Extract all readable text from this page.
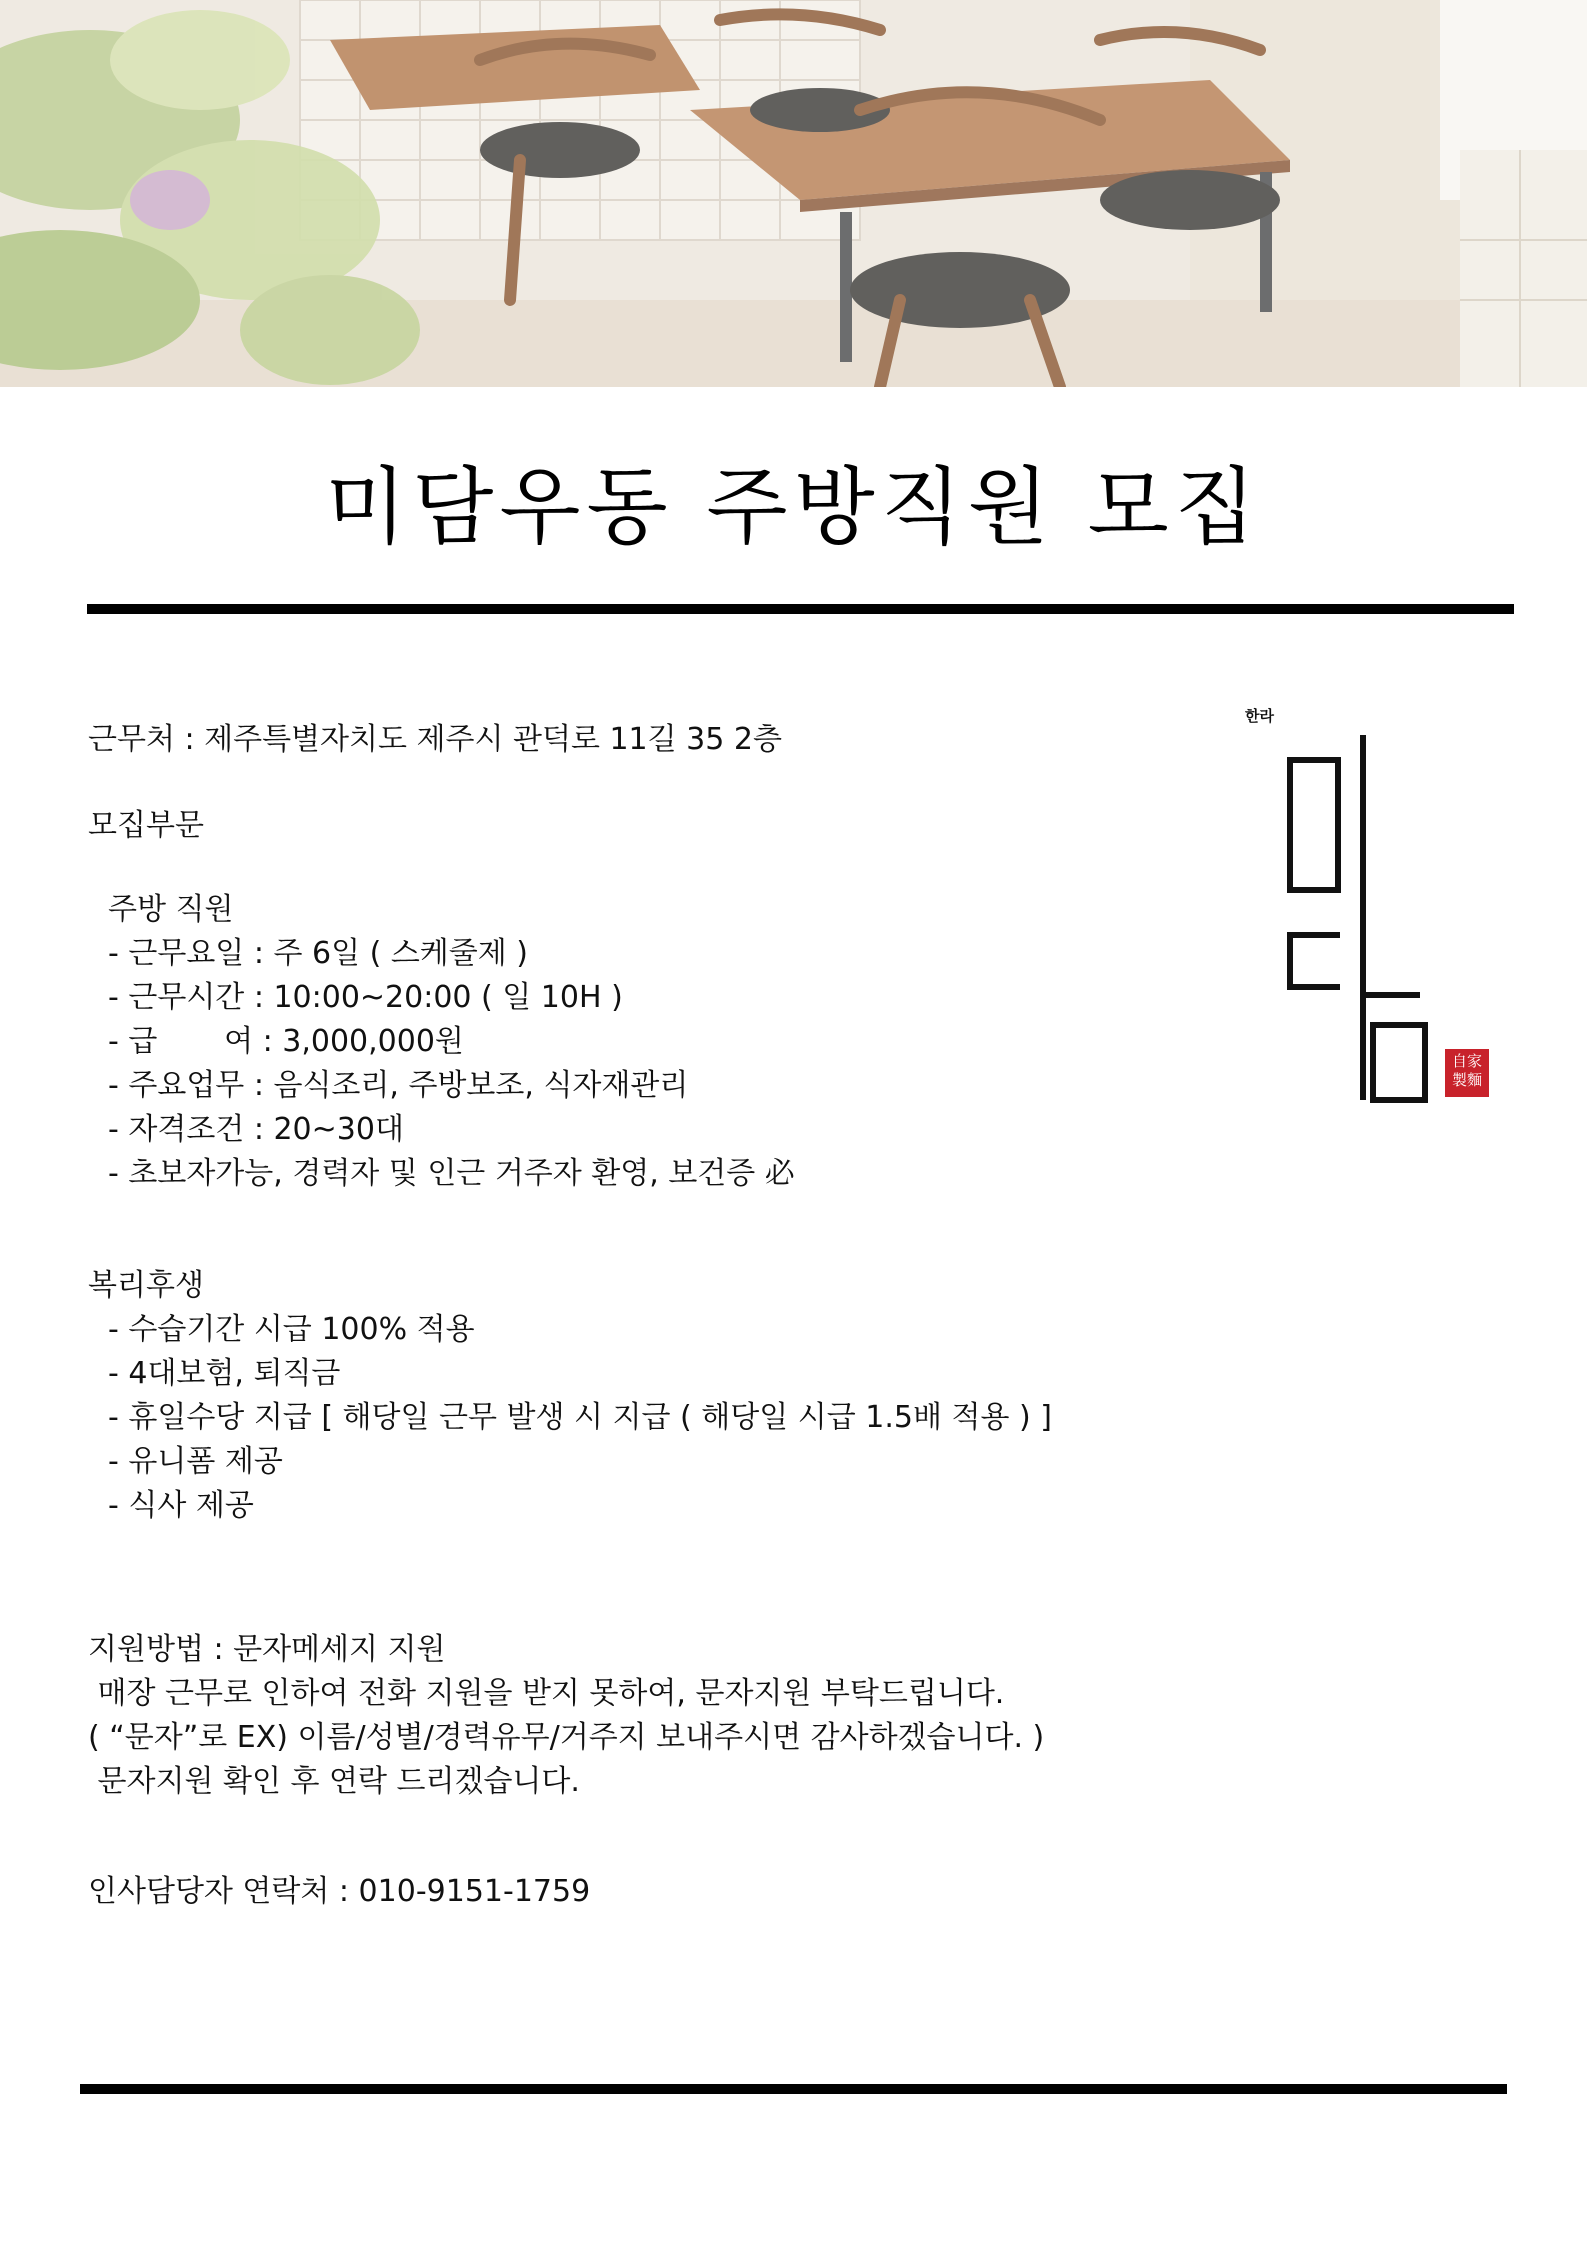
미담우동 주방직원 모집
근무처 : 제주특별자치도 제주시 관덕로 11길 35 2층
모집부문
주방 직원
- 근무요일 : 주 6일 ( 스케줄제 )
- 근무시간 : 10:00~20:00 ( 일 10H )
- 급       여 : 3,000,000원
- 주요업무 : 음식조리, 주방보조, 식자재관리
- 자격조건 : 20~30대
- 초보자가능, 경력자 및 인근 거주자 환영, 보건증 必
복리후생
- 수습기간 시급 100% 적용
- 4대보험, 퇴직금
- 휴일수당 지급 [ 해당일 근무 발생 시 지급 ( 해당일 시급 1.5배 적용 ) ]
- 유니폼 제공
- 식사 제공
지원방법 : 문자메세지 지원
매장 근무로 인하여 전화 지원을 받지 못하여, 문자지원 부탁드립니다.
( “문자”로 EX) 이름/성별/경력유무/거주지 보내주시면 감사하겠습니다. )
문자지원 확인 후 연락 드리겠습니다.
인사담당자 연락처 : 010-9151-1759
한라
自家
製麵
